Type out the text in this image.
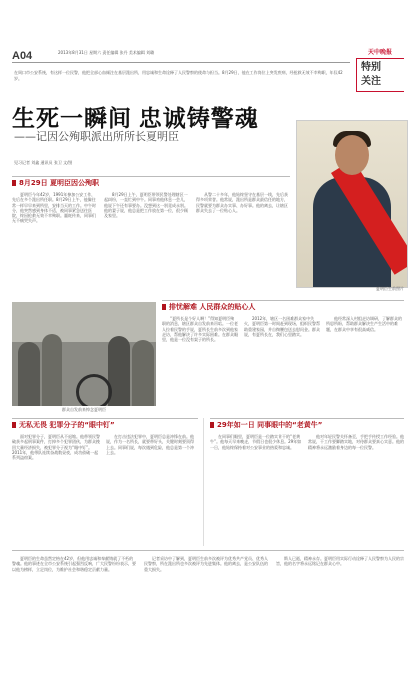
A04	2013年8月31日 星期六 责任编辑 张丹 美术编辑 刘璐	天中晚报
特别
关注
在周口市公安系统，有这样一位民警，他把全部心血倾注在基层派出所，用忠诚和生命诠释了人民警察的使命与担当。8月29日，他在工作岗位上突发疾病，经抢救无效不幸殉职，年仅42岁。
生死一瞬间 忠诚铸警魂
——记因公殉职派出所所长夏明臣
见习记者 刘鑫 通讯员 张卫 文/图
夏明臣生前照片
8月29日 夏明臣因公殉职

夏明臣今年42岁，1991年参加公安工作，先后在多个派出所任职。8月29日上午，他像往常一样早早来到所里，安排当天的工作。中午时分，他突然感到身体不适，被同事紧急送往医院，终因抢救无效不幸殉职。噩耗传来，同事们无不痛哭失声。

8月29日上午，夏明臣带领民警处理辖区一起纠纷，一直忙到中午。同事劝他休息一会儿，他说下午还有事要办。没想到这一别竟成永别。他的妻子说，他总是把工作放在第一位，很少顾及家里。

从警二十多年，他始终坚守在基层一线，先后获得多项荣誉。他常说，派出所是群众最信任的地方，民警就要为群众办实事、办好事。他的离去，让辖区群众失去了一位贴心人。

群众自发前来悼念夏明臣
排忧解难 人民群众的贴心人

“夏所长是个好人啊！”得知夏明臣殉职的消息，辖区群众自发前来吊唁。一位老人拉着民警的手说，夏所长生前多次到他家走访，帮他解决了许多实际困难。在群众眼里，他是一位没有架子的所长。

2012年，辖区一名困难群众家中失火，夏明臣第一时间赶到现场，组织民警帮助重建家园，并自掏腰包送去慰问金。群众说，有夏所长在，我们心里踏实。

他经常深入村组走访调研，了解群众的所思所盼，帮助群众解决生产生活中的难题，在群众中享有很高威信。

无私无畏 犯罪分子的“眼中钉”

面对犯罪分子，夏明臣从不退缩。他带领民警破获多起刑事案件，打掉多个犯罪团伙，为群众挽回大量经济损失，被犯罪分子视为“眼中钉”。2011年，他带队连续奋战数昼夜，成功侦破一起系列盗窃案。

在打击违法犯罪中，夏明臣总是冲锋在前。他说，作为一名所长，就要带好头，关键时刻要顶得上去。同事们说，每次遇到危险，他总是第一个冲上去。

29年如一日 同事眼中的“老黄牛”

在同事们眼里，夏明臣是一位踏实肯干的“老黄牛”。他每天早来晚走，节假日也很少休息。29年如一日，他始终保持着对公安事业的热爱和忠诚。

他对年轻民警关怀备至，手把手传授工作经验。他常说，干工作要脚踏实地，对待群众要真心实意。他的精神将永远激励着身边的每一位民警。

夏明臣的生命虽然定格在42岁，但他用忠诚和奉献铸就了不朽的警魂。他的事迹在全市公安系统引起强烈反响，广大民警纷纷表示，要以他为榜样，立足岗位，为维护社会和谐稳定贡献力量。

记者采访中了解到，夏明臣生前多次被评为优秀共产党员、优秀人民警察，所在派出所也多次被评为先进集体。他的离去，是公安队伍的重大损失。

斯人已逝，精神永存。夏明臣用实际行动诠释了人民警察为人民的宗旨，他的名字将永远铭记在群众心中。
